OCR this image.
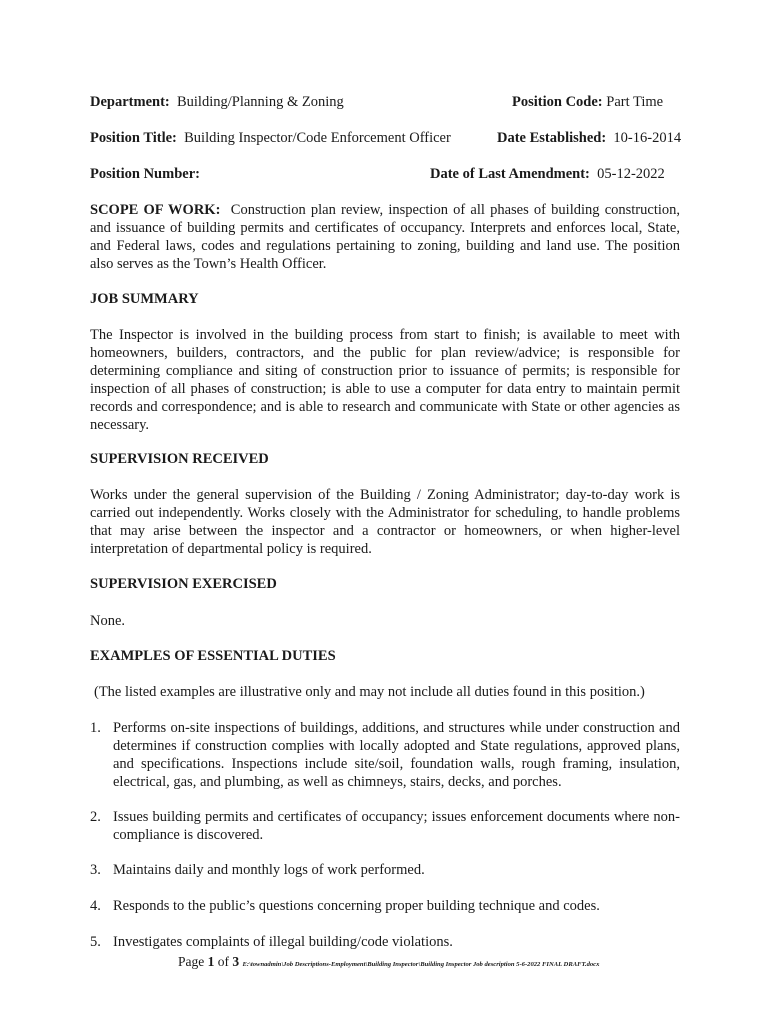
Department: Building/Planning & Zoning	Position Code: Part Time
Position Title: Building Inspector/Code Enforcement Officer	Date Established: 10-16-2014
Position Number:	Date of Last Amendment: 05-12-2022

SCOPE OF WORK: Construction plan review, inspection of all phases of building construction, and issuance of building permits and certificates of occupancy. Interprets and enforces local, State, and Federal laws, codes and regulations pertaining to zoning, building and land use. The position also serves as the Town’s Health Officer.

JOB SUMMARY

The Inspector is involved in the building process from start to finish; is available to meet with homeowners, builders, contractors, and the public for plan review/advice; is responsible for determining compliance and siting of construction prior to issuance of permits; is responsible for inspection of all phases of construction; is able to use a computer for data entry to maintain permit records and correspondence; and is able to research and communicate with State or other agencies as necessary.

SUPERVISION RECEIVED

Works under the general supervision of the Building / Zoning Administrator; day-to-day work is carried out independently. Works closely with the Administrator for scheduling, to handle problems that may arise between the inspector and a contractor or homeowners, or when higher-level interpretation of departmental policy is required.

SUPERVISION EXERCISED

None.

EXAMPLES OF ESSENTIAL DUTIES

(The listed examples are illustrative only and may not include all duties found in this position.)

1. Performs on-site inspections of buildings, additions, and structures while under construction and determines if construction complies with locally adopted and State regulations, approved plans, and specifications. Inspections include site/soil, foundation walls, rough framing, insulation, electrical, gas, and plumbing, as well as chimneys, stairs, decks, and porches.
2. Issues building permits and certificates of occupancy; issues enforcement documents where non-compliance is discovered.
3. Maintains daily and monthly logs of work performed.
4. Responds to the public’s questions concerning proper building technique and codes.
5. Investigates complaints of illegal building/code violations.
Page 1 of 3 E:\townadmin\Job Descriptions-Employment\Building Inspector\Building Inspector Job description 5-6-2022 FINAL DRAFT.docx
